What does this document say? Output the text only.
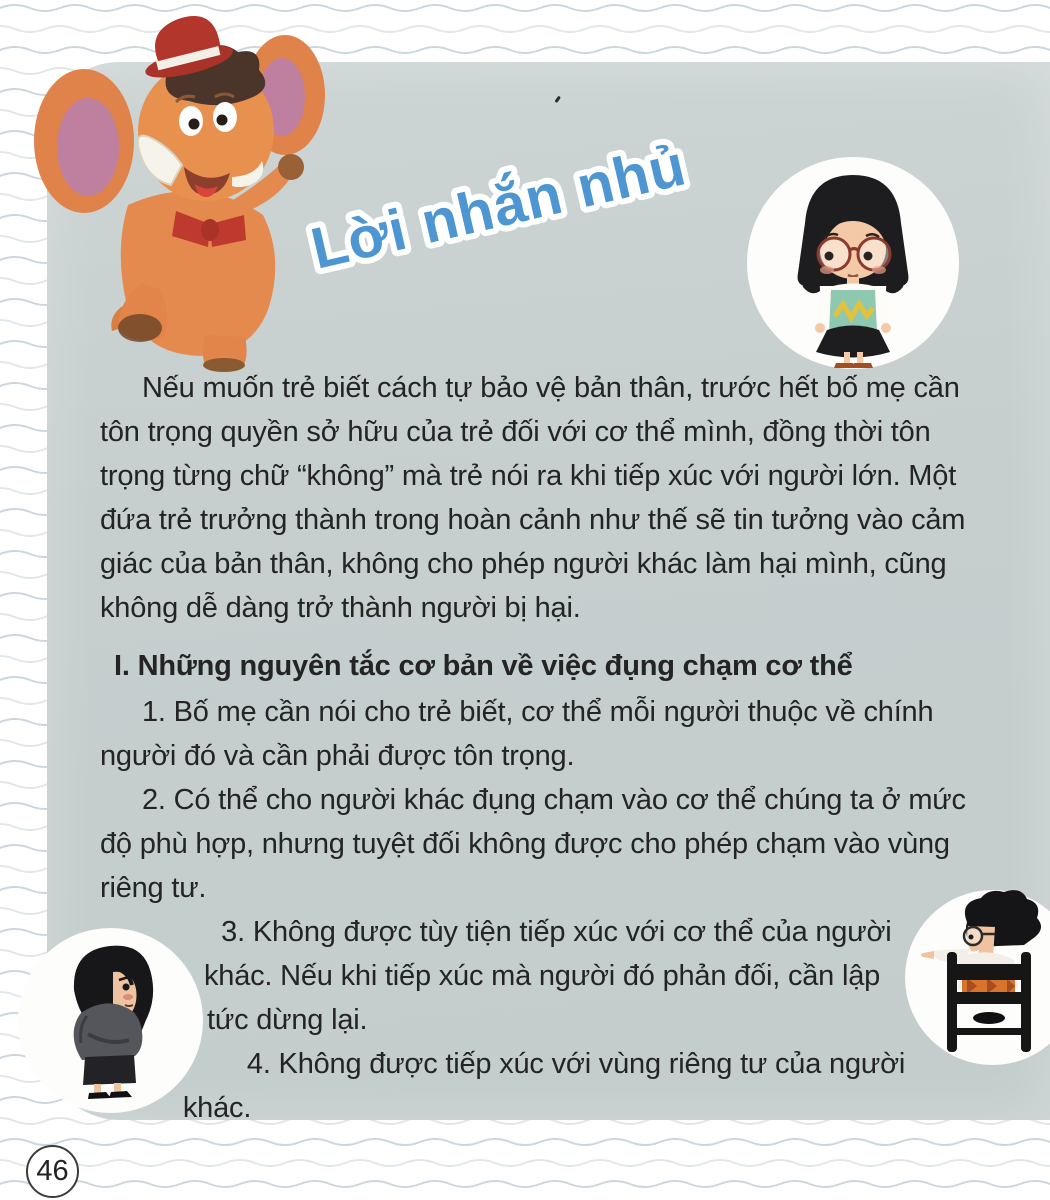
Lời nhắn nhủ

Nếu muốn trẻ biết cách tự bảo vệ bản thân, trước hết bố mẹ cần tôn trọng quyền sở hữu của trẻ đối với cơ thể mình, đồng thời tôn trọng từng chữ “không” mà trẻ nói ra khi tiếp xúc với người lớn. Một đứa trẻ trưởng thành trong hoàn cảnh như thế sẽ tin tưởng vào cảm giác của bản thân, không cho phép người khác làm hại mình, cũng không dễ dàng trở thành người bị hại.

I. Những nguyên tắc cơ bản về việc đụng chạm cơ thể

1. Bố mẹ cần nói cho trẻ biết, cơ thể mỗi người thuộc về chính người đó và cần phải được tôn trọng.

2. Có thể cho người khác đụng chạm vào cơ thể chúng ta ở mức độ phù hợp, nhưng tuyệt đối không được cho phép chạm vào vùng riêng tư.

3. Không được tùy tiện tiếp xúc với cơ thể của người khác. Nếu khi tiếp xúc mà người đó phản đối, cần lập tức dừng lại.

4. Không được tiếp xúc với vùng riêng tư của người khác.

46
